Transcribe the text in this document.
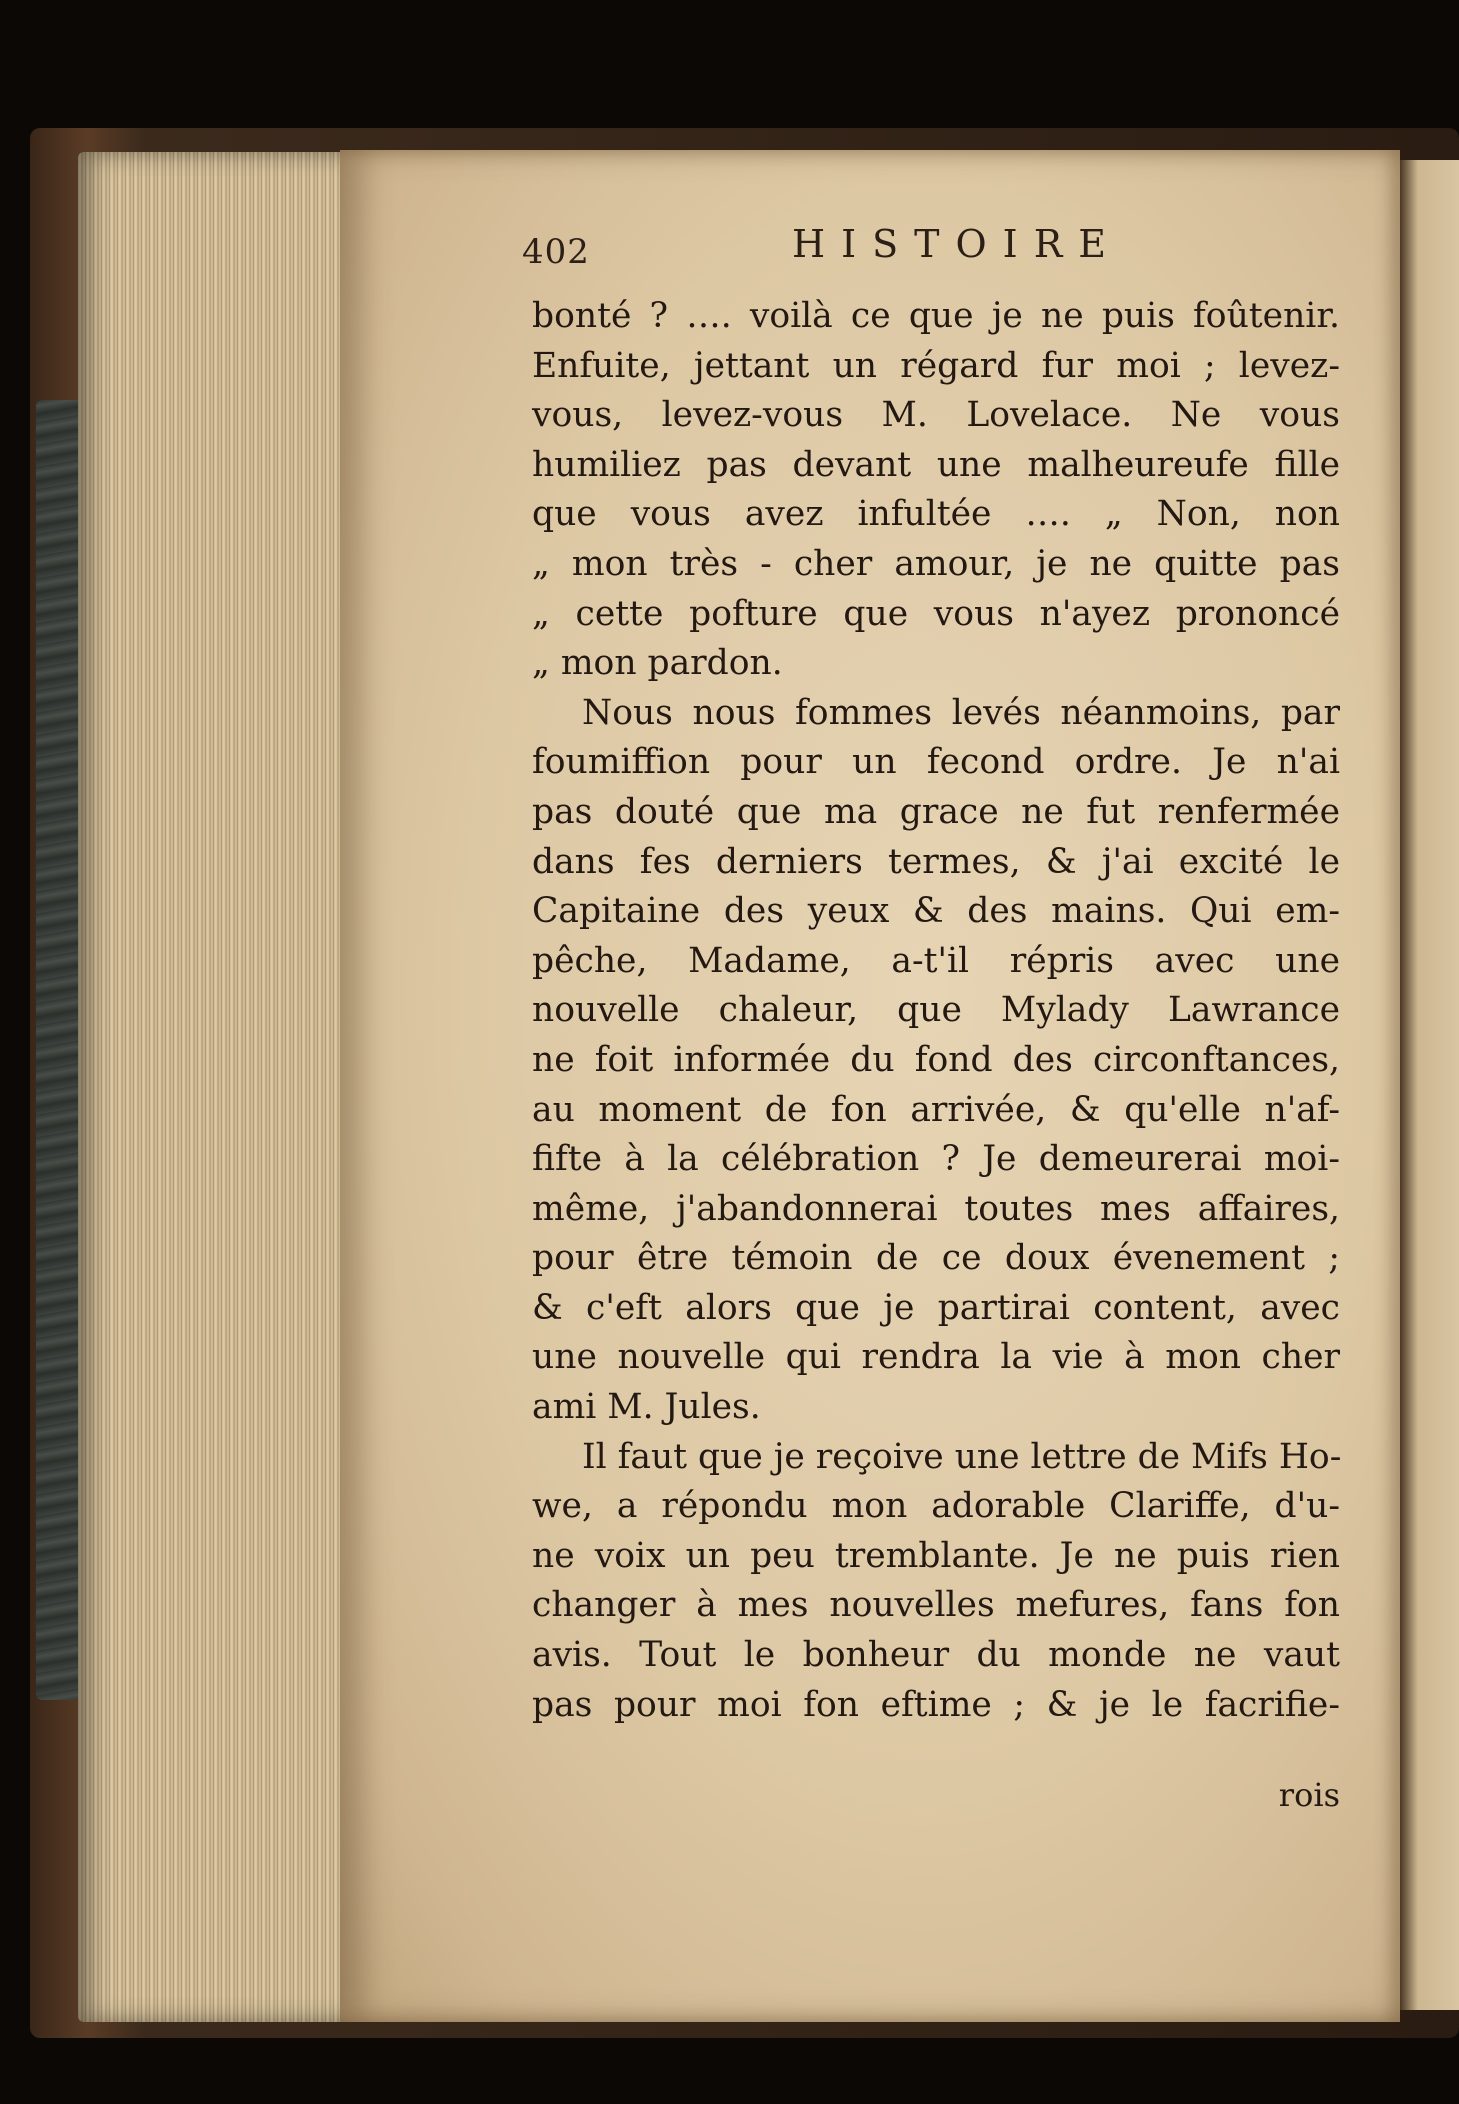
402	HISTOIRE
bonté ? …. voilà ce que je ne puis foûtenir.
Enfuite, jettant un régard fur moi ; levez-
vous, levez-vous M. Lovelace. Ne vous
humiliez pas devant une malheureufe fille
que vous avez infultée …. „ Non, non
„ mon très - cher amour, je ne quitte pas
„ cette pofture que vous n'ayez prononcé
„ mon pardon.
Nous nous fommes levés néanmoins, par
foumiffion pour un fecond ordre. Je n'ai
pas douté que ma grace ne fut renfermée
dans fes derniers termes, & j'ai excité le
Capitaine des yeux & des mains. Qui em-
pêche, Madame, a-t'il répris avec une
nouvelle chaleur, que Mylady Lawrance
ne foit informée du fond des circonftances,
au moment de fon arrivée, & qu'elle n'af-
fifte à la célébration ? Je demeurerai moi-
même, j'abandonnerai toutes mes affaires,
pour être témoin de ce doux évenement ;
& c'eft alors que je partirai content, avec
une nouvelle qui rendra la vie à mon cher
ami M. Jules.
Il faut que je reçoive une lettre de Mifs Ho-
we, a répondu mon adorable Clariffe, d'u-
ne voix un peu tremblante. Je ne puis rien
changer à mes nouvelles mefures, fans fon
avis. Tout le bonheur du monde ne vaut
pas pour moi fon eftime ; & je le facrifie-
rois
